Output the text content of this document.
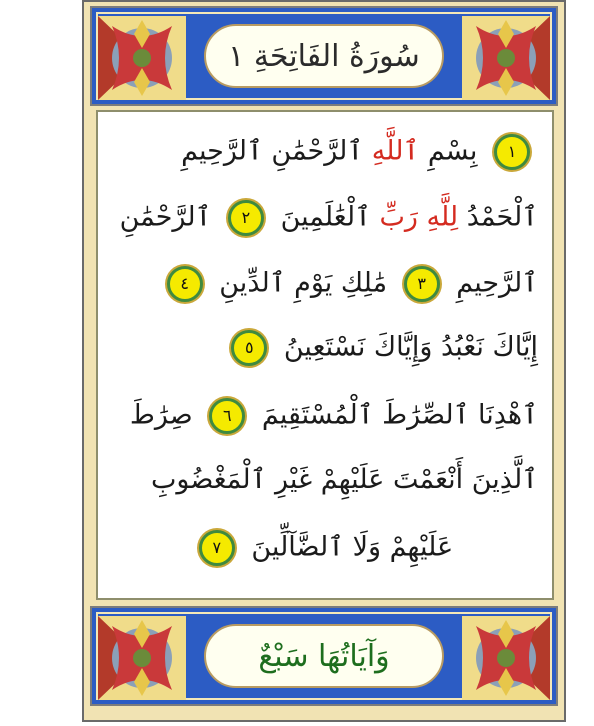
سُورَةُ الفَاتِحَةِ ١
١ بِسْمِ ٱللَّهِ ٱلرَّحْمَٰنِ ٱلرَّحِيمِ
ٱلْحَمْدُ لِلَّهِ رَبِّ ٱلْعَٰلَمِينَ ٢ ٱلرَّحْمَٰنِ
ٱلرَّحِيمِ ٣ مَٰلِكِ يَوْمِ ٱلدِّينِ ٤
إِيَّاكَ نَعْبُدُ وَإِيَّاكَ نَسْتَعِينُ ٥
ٱهْدِنَا ٱلصِّرَٰطَ ٱلْمُسْتَقِيمَ ٦ صِرَٰطَ
ٱلَّذِينَ أَنْعَمْتَ عَلَيْهِمْ غَيْرِ ٱلْمَغْضُوبِ
عَلَيْهِمْ وَلَا ٱلضَّآلِّينَ ٧
وَآيَاتُهَا سَبْعٌ
